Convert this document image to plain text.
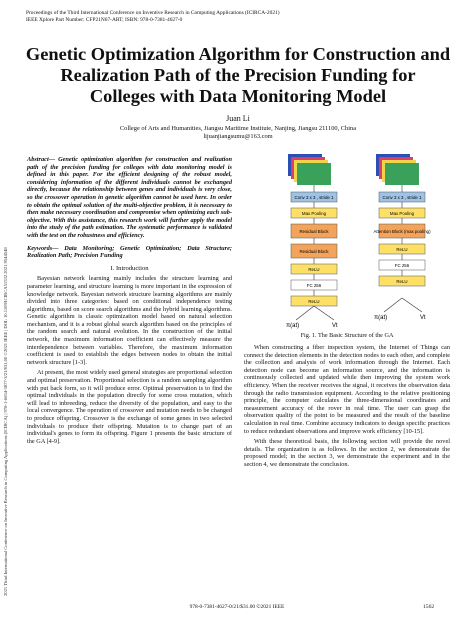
Proceedings of the Third International Conference on Inventive Research in Computing Applications (ICIRCA-2021)
IEEE Xplore Part Number: CFP21N67-ART; ISBN: 978-0-7381-4627-0
2021 Third International Conference on Inventive Research in Computing Applications (ICIRCA) | 978-1-6654-3877-3/21/$31.00 ©2021 IEEE | DOI: 10.1109/ICIRCA51532.2021.9544548
Genetic Optimization Algorithm for Construction and
Realization Path of the Precision Funding for
Colleges with Data Monitoring Model
Juan Li
College of Arts and Humanities, Jiangsu Maritime Institute, Nanjing, Jiangsu 211100, China
lijuanjiangsumu@163.com
Abstract— Genetic optimization algorithm for construction and realization path of the precision funding for colleges with data monitoring model is defined in this paper. For the efficient designing of the robust model, considering information of the different individuals cannot be exchanged directly, because the relationship between genes and individuals is very close, so the crossover operation in genetic algorithm cannot be used here. In order to obtain the optimal solution of the multi-objective problem, it is necessary to then make necessary coordination and compromise when optimizing each sub-objective. With this assistance, this research work will further apply the model into the study of the path estimation. The systematic performance is validated with the test on the robustness and efficiency.
Keywords— Data Monitoring; Genetic Optimization; Data Structure; Realization Path; Precision Funding
I. Introduction

Bayesian network learning mainly includes the structure learning and parameter learning, and structure learning is more important in the expression of knowledge network. Bayesian network structure learning algorithms are mainly divided into three categories: based on conditional independence testing algorithms, based on score search algorithms and the hybrid learning algorithms. Genetic algorithm is classic optimization model based on natural selection mechanism, and it is a robust global search algorithm based on the principles of the random search and natural evolution. In the construction of the initial network, the maximum information coefficient can effectively measure the interdependence between variables. Therefore, the maximum information coefficient is used to establish the edges between nodes to obtain the initial network structure [1-3].

At present, the most widely used general strategies are proportional selection and optimal preservation. Proportional selection is a random sampling algorithm with put back form, so it will produce error. Optimal preservation is to find the optimal individuals in the population directly for some cross mutation, which will lead to inbreeding, reduce the diversity of the population, and easy to the local convergence. The operation of crossover and mutation needs to be changed to produce offspring. Crossover is the exchange of some genes in two selected individuals to produce their offspring. Mutation is to change part of an individual's genes to form its offspring. Figure 1 presents the basic structure of the GA [4-9].

Conv 3 x 3 , stride 1
Max Pooling
Residual Block
Residual Block
ReLU
FC 256
ReLU
Conv 3 x 3 , stride 1
Max Pooling
Attention Block (max pooling)
ReLU
FC 256
ReLU
π(at)	Vt
π(at)	Vt
Fig. 1. The Basic Structure of the GA

When constructing a fiber inspection system, the Internet of Things can connect the detection elements in the detection nodes to each other, and complete the collection and analysis of work information through the Internet. Each detection node can become an information source, and the information is continuously collected and updated while then improving the system work efficiency. When the receiver receives the signal, it receives the observation data through the radio transmission equipment. According to the relative positioning principle, the computer calculates the three-dimensional coordinates and measurement accuracy of the rover in real time. The user can grasp the observation quality of the point to be measured and the result of the baseline calculation in real time. Combine accuracy indicators to design specific practices to reduce redundant observations and improve work efficiency [10-15].

With these theoretical basis, the following section will provide the novel details. The organization is as follows. In the section 2, we demonstrate the proposed model; in the section 3, we demonstrate the experiment and in the section 4, we demonstrate the conclusion.

978-0-7381-4627-0/21/$31.00 ©2021 IEEE	1562
